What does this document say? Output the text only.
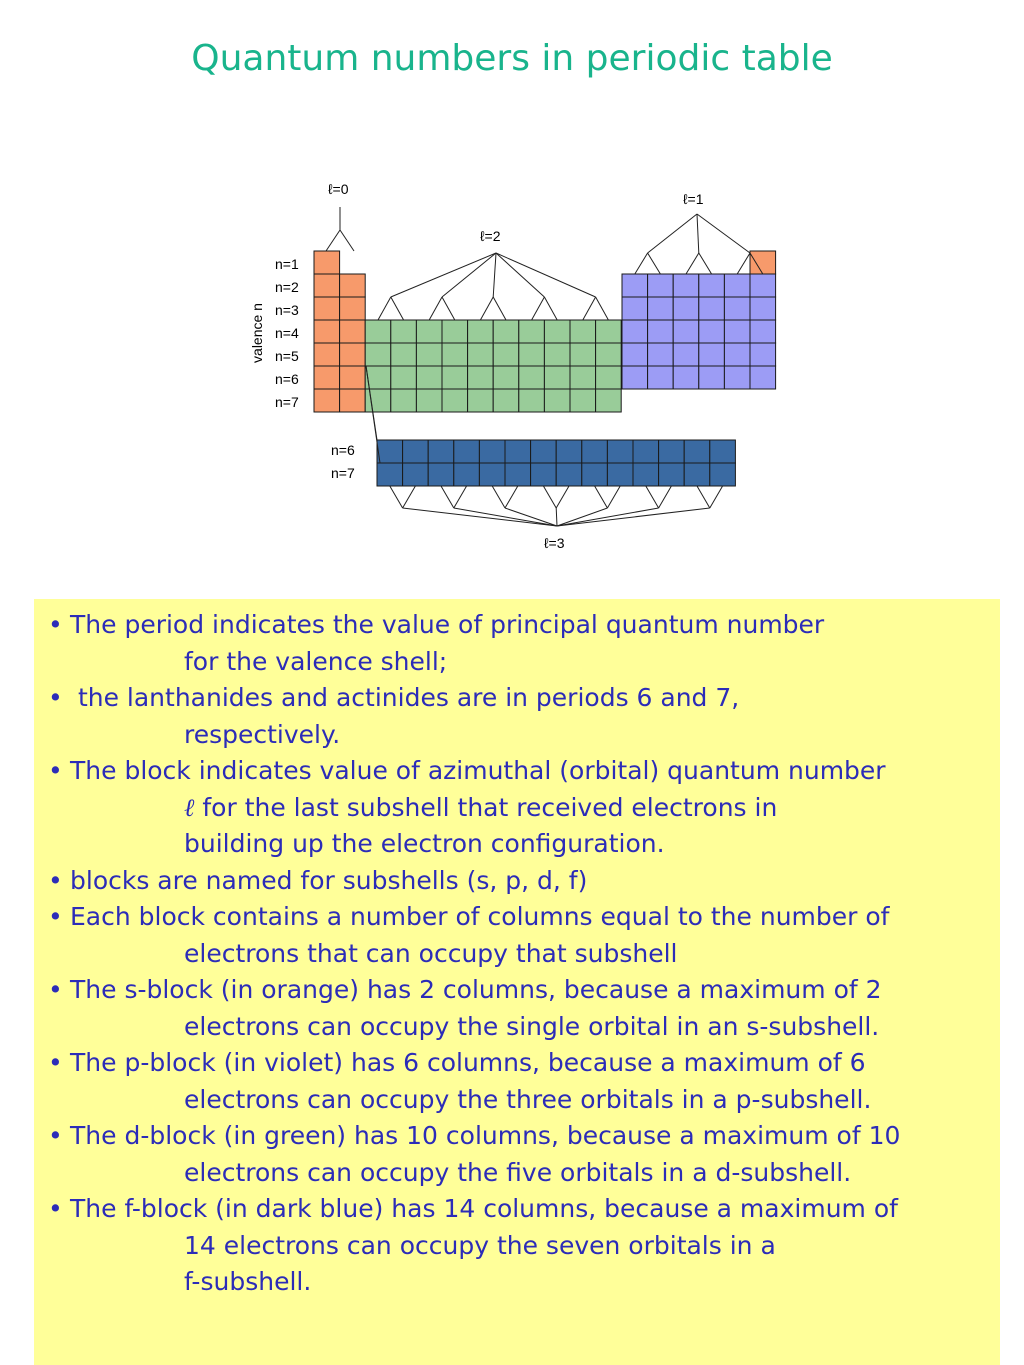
Quantum numbers in periodic table
ℓ=0
ℓ=1
ℓ=2
ℓ=3
valence n
n=1
n=2
n=3
n=4
n=5
n=6
n=7
n=6
n=7
• The period indicates the value of principal quantum number
for the valence shell;
• the lanthanides and actinides are in periods 6 and 7,
respectively.
• The block indicates value of azimuthal (orbital) quantum number
ℓ for the last subshell that received electrons in
building up the electron configuration.
• blocks are named for subshells (s, p, d, f)
• Each block contains a number of columns equal to the number of
electrons that can occupy that subshell
• The s-block (in orange) has 2 columns, because a maximum of 2
electrons can occupy the single orbital in an s-subshell.
• The p-block (in violet) has 6 columns, because a maximum of 6
electrons can occupy the three orbitals in a p-subshell.
• The d-block (in green) has 10 columns, because a maximum of 10
electrons can occupy the five orbitals in a d-subshell.
• The f-block (in dark blue) has 14 columns, because a maximum of
14 electrons can occupy the seven orbitals in a
f-subshell.
